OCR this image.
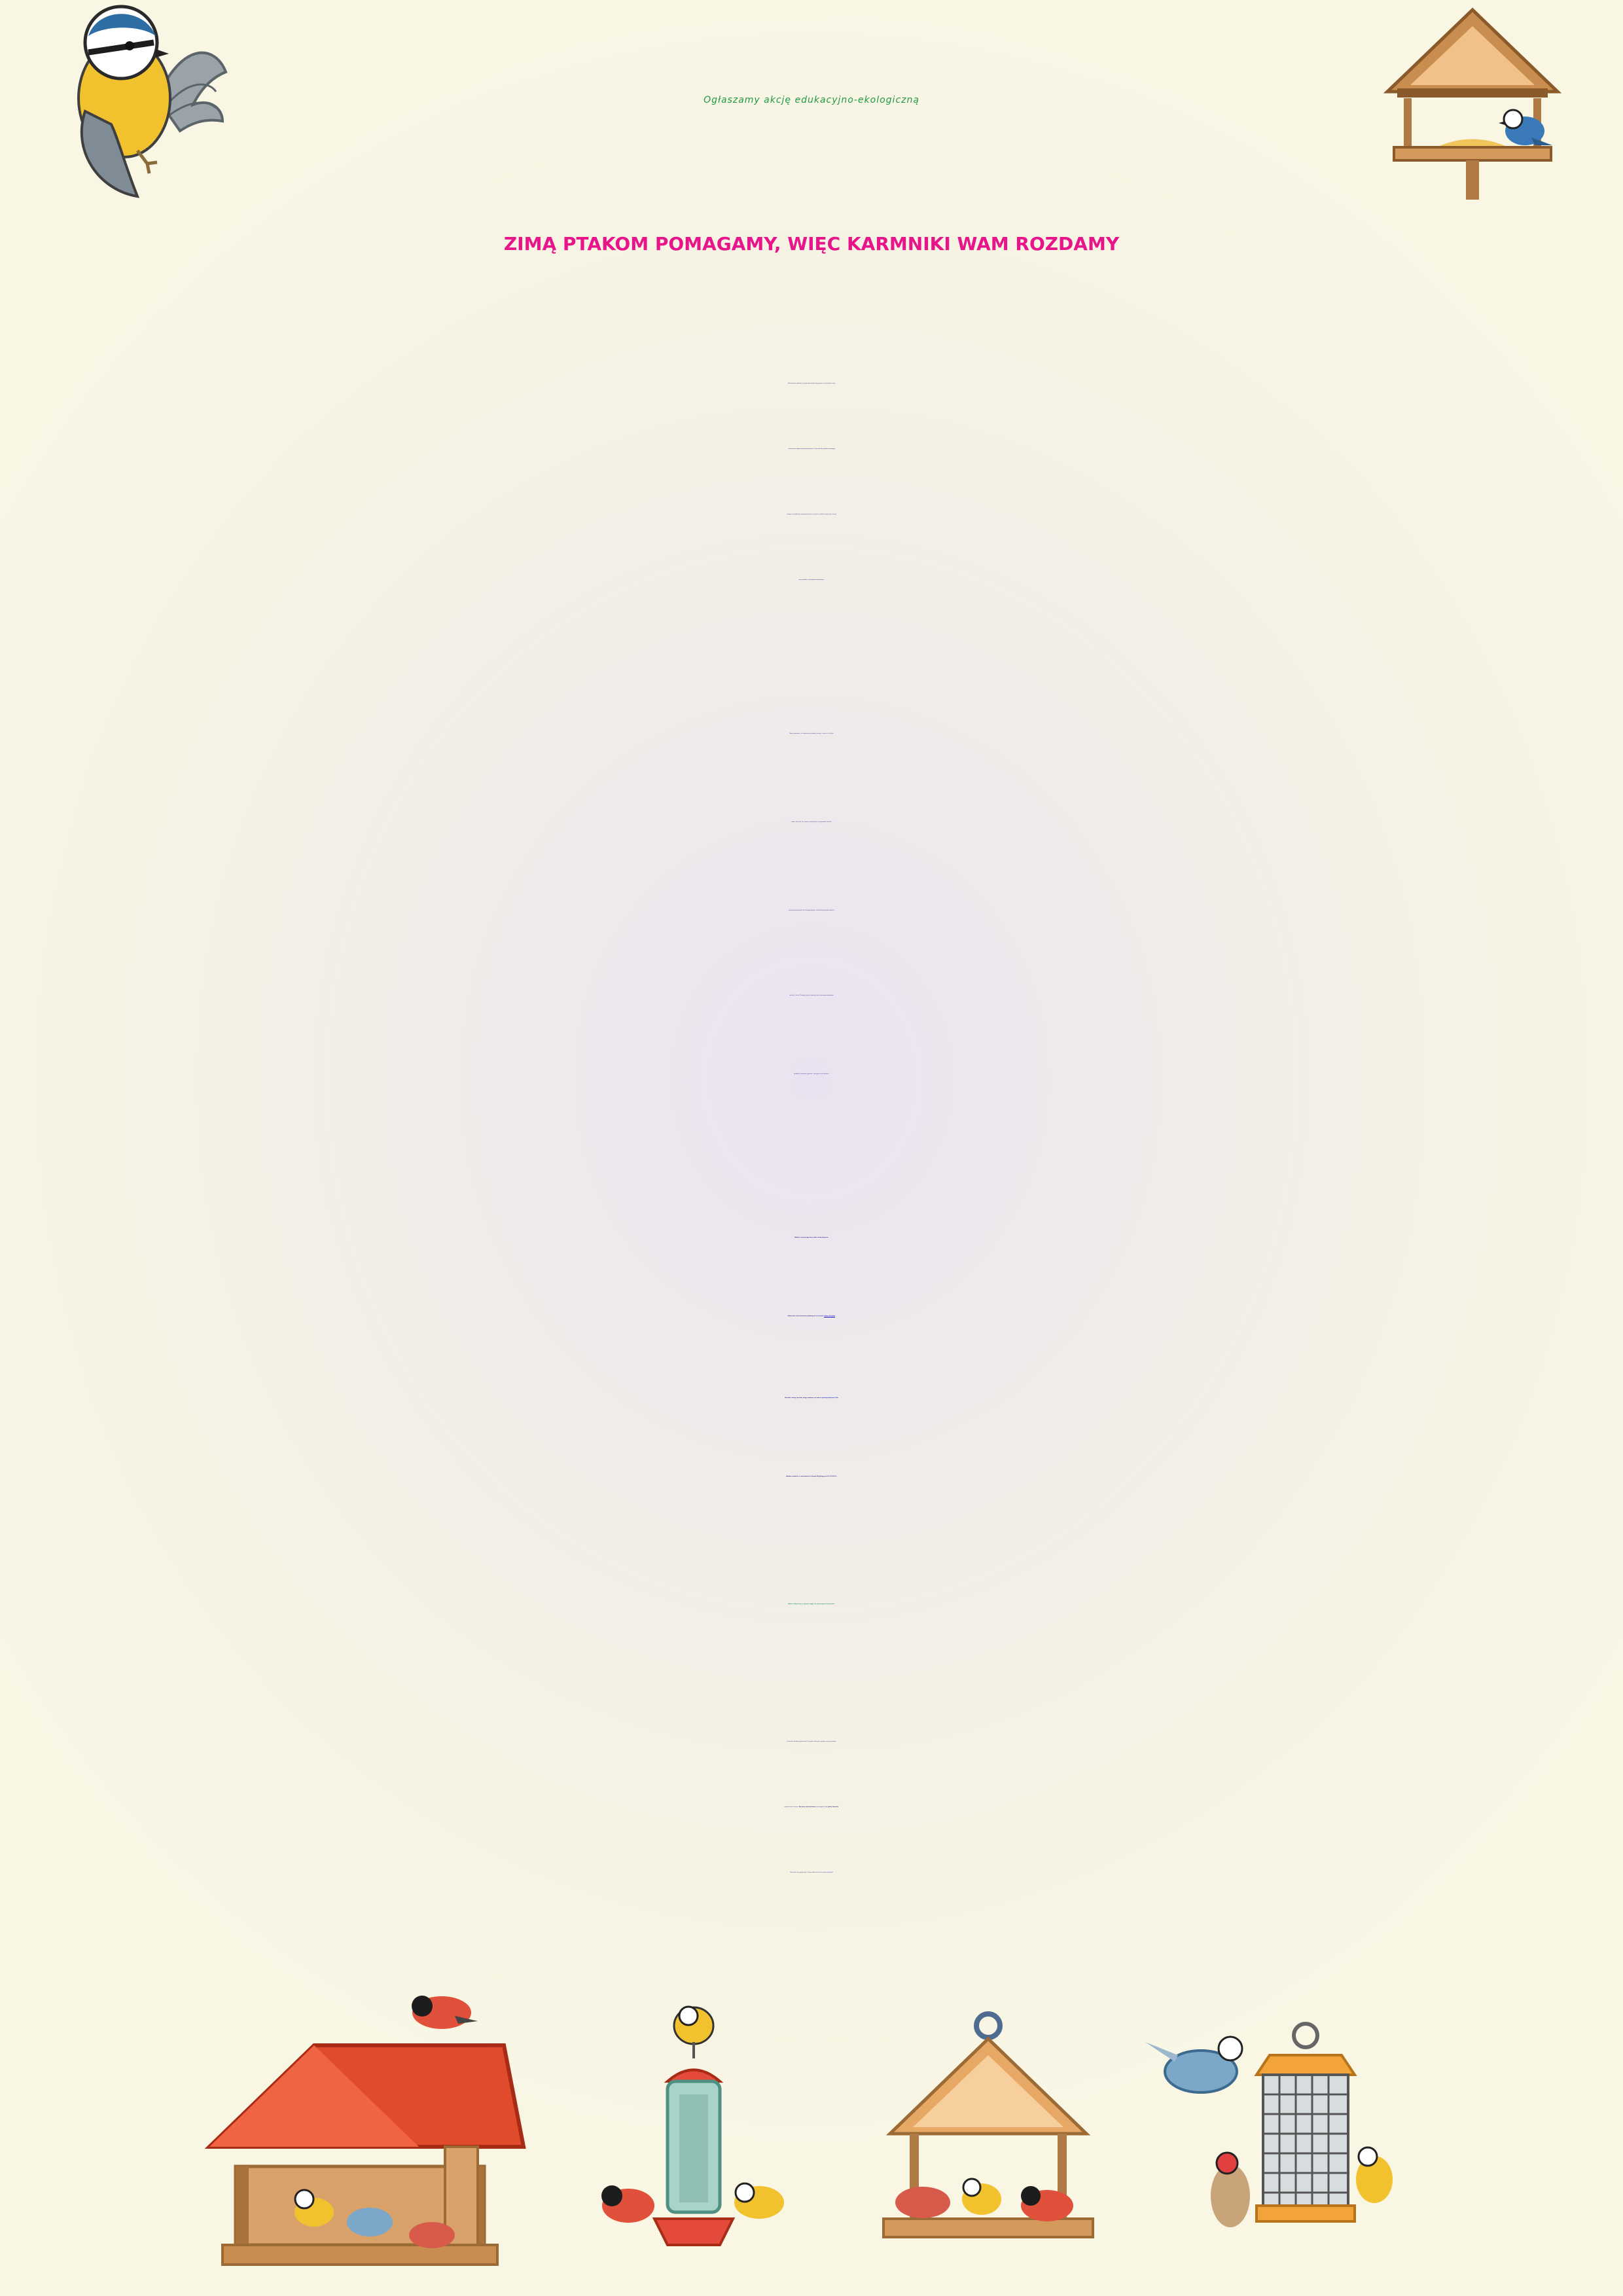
Ogłaszamy akcję edukacyjno-ekologiczną
ZIMĄ PTAKOM POMAGAMY, WIĘC KARMNIKI WAM ROZDAMY
Dokarmianie ptaków to wspaniała okazja, aby pomóc im przetrwać zimę
i dostarczyć odpowiedniego pożywienia. Karmniki dla ptaków pomagają
naszym skrzydlatym sprzymierzeńcom w okresie niskich temperatur, kiedy
mają problem z dostępnością pokarmu.
Warto pamiętać, że dokarmianie ptaków jesienią i zimą to nie tylko
dobry uczynek, ale również inwestycja na przyszłość. Bo jeśli
przyzwyczaimy ptaki do naszego ogrodu, odwiedzać go będą również
wiosną i latem. Pomogą chronić uprawy oraz zmniejszyć populację
owadów, ślimaków i gąsienic, żerujących na roślinach.
Udział w akcji mogą brać tylko osoby fizyczne,
właściciele nieruchomości położonych na terenie Gminy Stryków.
Wnioski należy przesłać drogą mailową na adres stykow@strykow.pl lub
składać osobiście w sekretariacie Urzędu Miejskiego od 01.10.2024 r.
Nabór odbywa się w sposób ciągły, do wyczerpania karmników.
Liczba karmników ograniczona! Decyduje kolejność wpływu oraz pozytywne
rozpatrzenie wniosku. Na daną nieruchomość przysługuje tylko jeden karmnik.
Pozostałe szczegóły akcji i wzory dokumentów na www.strykow.pl
